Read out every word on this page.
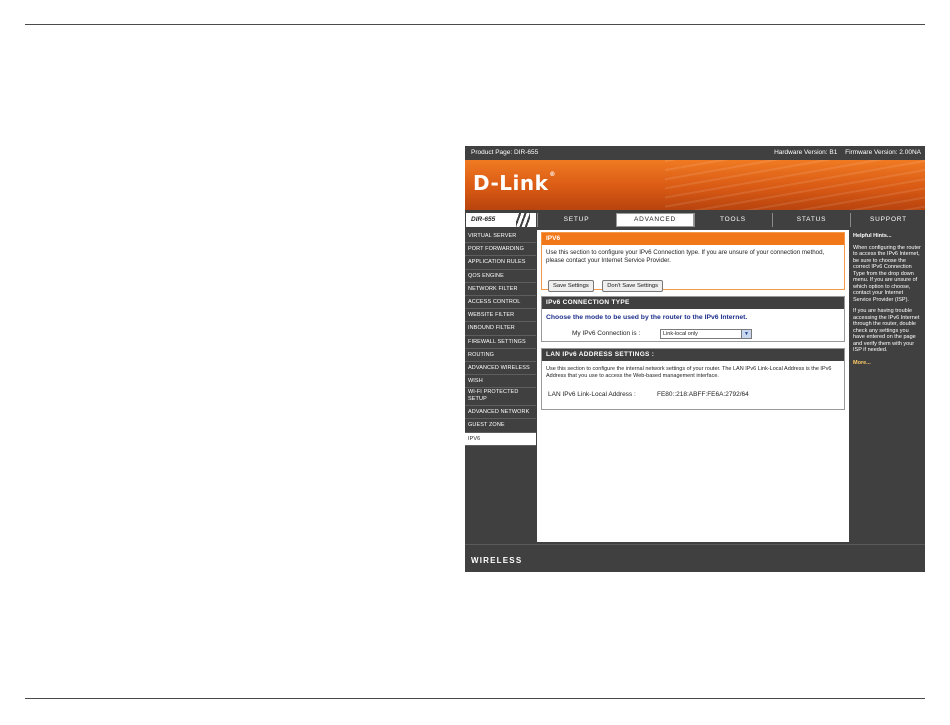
Product Page: DIR-655	Hardware Version: B1 Firmware Version: 2.00NA
D-Link®
DIR-655	SETUP	ADVANCED	TOOLS	STATUS	SUPPORT
VIRTUAL SERVER
PORT FORWARDING
APPLICATION RULES
QOS ENGINE
NETWORK FILTER
ACCESS CONTROL
WEBSITE FILTER
INBOUND FILTER
FIREWALL SETTINGS
ROUTING
ADVANCED WIRELESS
WISH
WI-FI PROTECTED SETUP
ADVANCED NETWORK
GUEST ZONE
IPV6
IPV6
Use this section to configure your IPv6 Connection type. If you are unsure of your connection method, please contact your Internet Service Provider.
Save Settings	Don't Save Settings
IPv6 CONNECTION TYPE
Choose the mode to be used by the router to the IPv6 Internet.
My IPv6 Connection is :	Link-local only	▼
LAN IPv6 ADDRESS SETTINGS :
Use this section to configure the internal network settings of your router. The LAN IPv6 Link-Local Address is the IPv6 Address that you use to access the Web-based management interface.
LAN IPv6 Link-Local Address :	FE80::218:ABFF:FE6A:2792/64
Helpful Hints...

When configuring the router to access the IPv6 Internet, be sure to choose the correct IPv6 Connection Type from the drop down menu. If you are unsure of which option to choose, contact your Internet Service Provider (ISP).

If you are having trouble accessing the IPv6 Internet through the router, double check any settings you have entered on the page and verify them with your ISP if needed.

More...
WIRELESS
